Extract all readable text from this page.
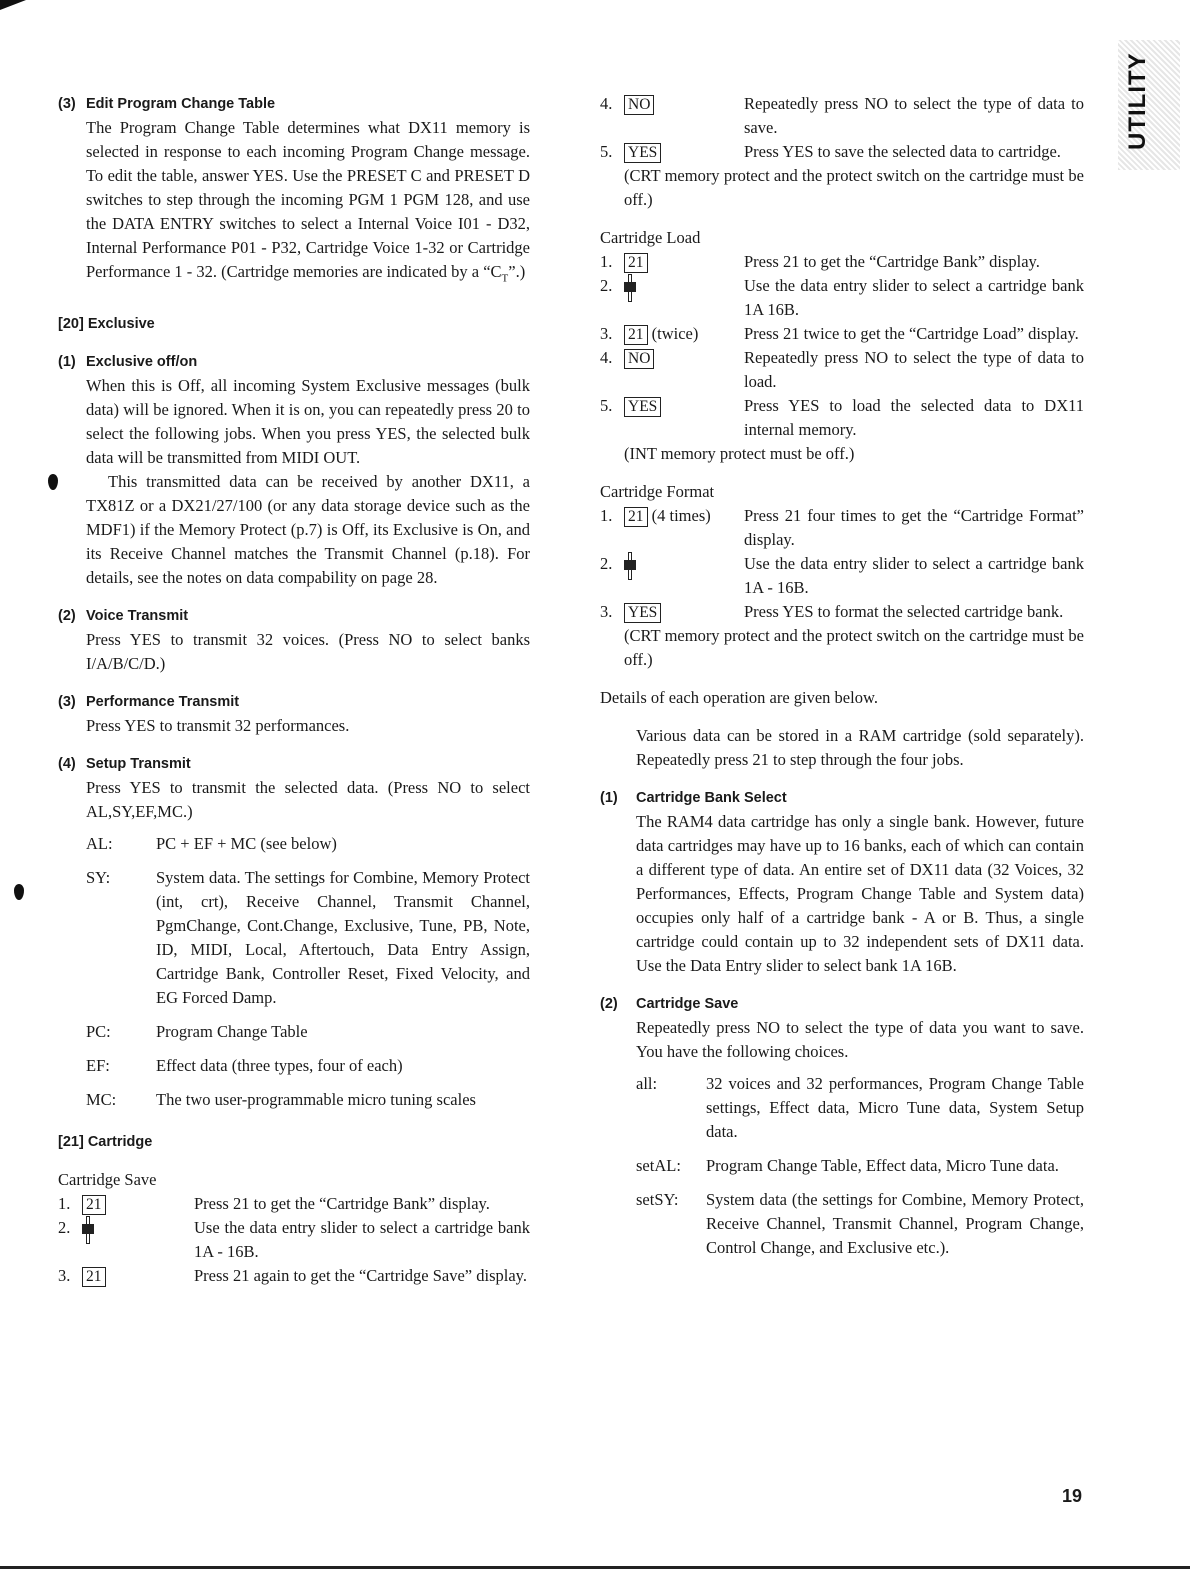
UTILITY

(3) Edit Program Change Table

The Program Change Table determines what DX11 memory is selected in response to each incoming Program Change message. To edit the table, answer YES. Use the PRESET C and PRESET D switches to step through the incoming PGM 1 PGM 128, and use the DATA ENTRY switches to select a Internal Voice I01 - D32, Internal Performance P01 - P32, Cartridge Voice 1-32 or Cartridge Performance 1 - 32. (Cartridge memories are indicated by a “$C_T$”.)

[20] Exclusive

(1) Exclusive off/on

When this is Off, all incoming System Exclusive messages (bulk data) will be ignored. When it is on, you can repeatedly press 20 to select the following jobs. When you press YES, the selected bulk data will be transmitted from MIDI OUT.

This transmitted data can be received by another DX11, a TX81Z or a DX21/27/100 (or any data storage device such as the MDF1) if the Memory Protect (p.7) is Off, its Exclusive is On, and its Receive Channel matches the Transmit Channel (p.18). For details, see the notes on data compability on page 28.

(2) Voice Transmit

Press YES to transmit 32 voices. (Press NO to select banks I/A/B/C/D.)

(3) Performance Transmit

Press YES to transmit 32 performances.

(4) Setup Transmit

Press YES to transmit the selected data. (Press NO to select AL,SY,EF,MC.)

AL:	PC + EF + MC (see below)
SY:	System data. The settings for Combine, Memory Protect (int, crt), Receive Channel, Transmit Channel, PgmChange, Cont.Change, Exclusive, Tune, PB, Note, ID, MIDI, Local, Aftertouch, Data Entry Assign, Cartridge Bank, Controller Reset, Fixed Velocity, and EG Forced Damp.
PC:	Program Change Table
EF:	Effect data (three types, four of each)
MC:	The two user-programmable micro tuning scales

[21] Cartridge

Cartridge Save

1.	21	Press 21 to get the “Cartridge Bank” display.
2.	Use the data entry slider to select a cartridge bank 1A - 16B.
3.	21	Press 21 again to get the “Cartridge Save” display.
4.	NO	Repeatedly press NO to select the type of data to save.
5.	YES	Press YES to save the selected data to cartridge.

(CRT memory protect and the protect switch on the cartridge must be off.)

Cartridge Load

1.	21	Press 21 to get the “Cartridge Bank” display.
2.	Use the data entry slider to select a cartridge bank 1A 16B.
3.	21 (twice)	Press 21 twice to get the “Cartridge Load” display.
4.	NO	Repeatedly press NO to select the type of data to load.
5.	YES	Press YES to load the selected data to DX11 internal memory.

(INT memory protect must be off.)

Cartridge Format

1.	21 (4 times)	Press 21 four times to get the “Cartridge Format” display.
2.	Use the data entry slider to select a cartridge bank 1A - 16B.
3.	YES	Press YES to format the selected cartridge bank.

(CRT memory protect and the protect switch on the cartridge must be off.)

Details of each operation are given below.

Various data can be stored in a RAM cartridge (sold separately). Repeatedly press 21 to step through the four jobs.

(1) Cartridge Bank Select

The RAM4 data cartridge has only a single bank. However, future data cartridges may have up to 16 banks, each of which can contain a different type of data. An entire set of DX11 data (32 Voices, 32 Performances, Effects, Program Change Table and System data) occupies only half of a cartridge bank - A or B. Thus, a single cartridge could contain up to 32 independent sets of DX11 data. Use the Data Entry slider to select bank 1A 16B.

(2) Cartridge Save

Repeatedly press NO to select the type of data you want to save. You have the following choices.

all:	32 voices and 32 performances, Program Change Table settings, Effect data, Micro Tune data, System Setup data.
setAL:	Program Change Table, Effect data, Micro Tune data.
setSY:	System data (the settings for Combine, Memory Protect, Receive Channel, Transmit Channel, Program Change, Control Change, and Exclusive etc.).
19
